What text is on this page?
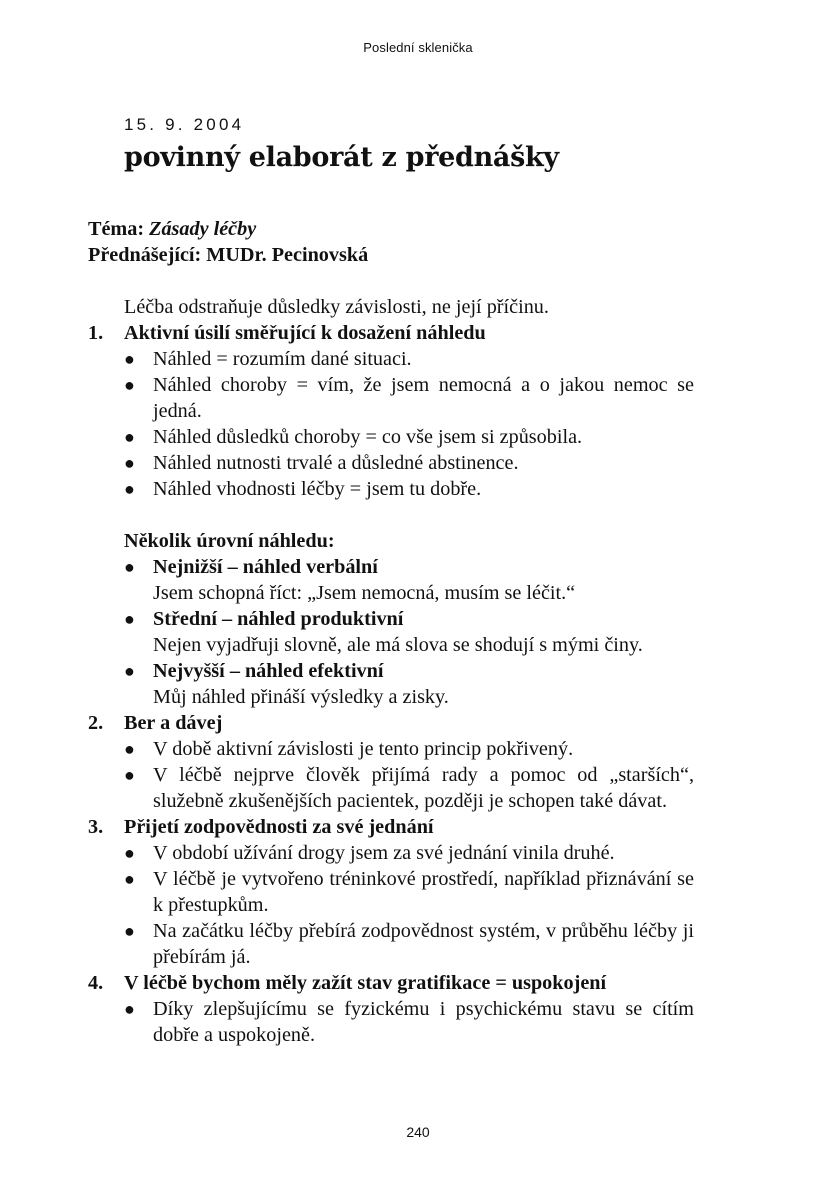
Poslední sklenička
15. 9. 2004
povinný elaborát z přednášky
Téma: Zásady léčby
Přednášející: MUDr. Pecinovská
Léčba odstraňuje důsledky závislosti, ne její příčinu.
1.	Aktivní úsilí směřující k dosažení náhledu
● Náhled = rozumím dané situaci.
● Náhled choroby = vím, že jsem nemocná a o jakou nemoc se jedná.
● Náhled důsledků choroby = co vše jsem si způsobila.
● Náhled nutnosti trvalé a důsledné abstinence.
● Náhled vhodnosti léčby = jsem tu dobře.
Několik úrovní náhledu:
● Nejnižší – náhled verbální
Jsem schopná říct: „Jsem nemocná, musím se léčit.“
● Střední – náhled produktivní
Nejen vyjadřuji slovně, ale má slova se shodují s mými činy.
● Nejvyšší – náhled efektivní
Můj náhled přináší výsledky a zisky.
2.	Ber a dávej
● V době aktivní závislosti je tento princip pokřivený.
● V léčbě nejprve člověk přijímá rady a pomoc od „starších“, služebně zkušenějších pacientek, později je schopen také dávat.
3.	Přijetí zodpovědnosti za své jednání
● V období užívání drogy jsem za své jednání vinila druhé.
● V léčbě je vytvořeno tréninkové prostředí, například přiznávání se k přestupkům.
● Na začátku léčby přebírá zodpovědnost systém, v průběhu léčby ji přebírám já.
4.	V léčbě bychom měly zažít stav gratifikace = uspokojení
● Díky zlepšujícímu se fyzickému i psychickému stavu se cítím dobře a uspokojeně.
240
